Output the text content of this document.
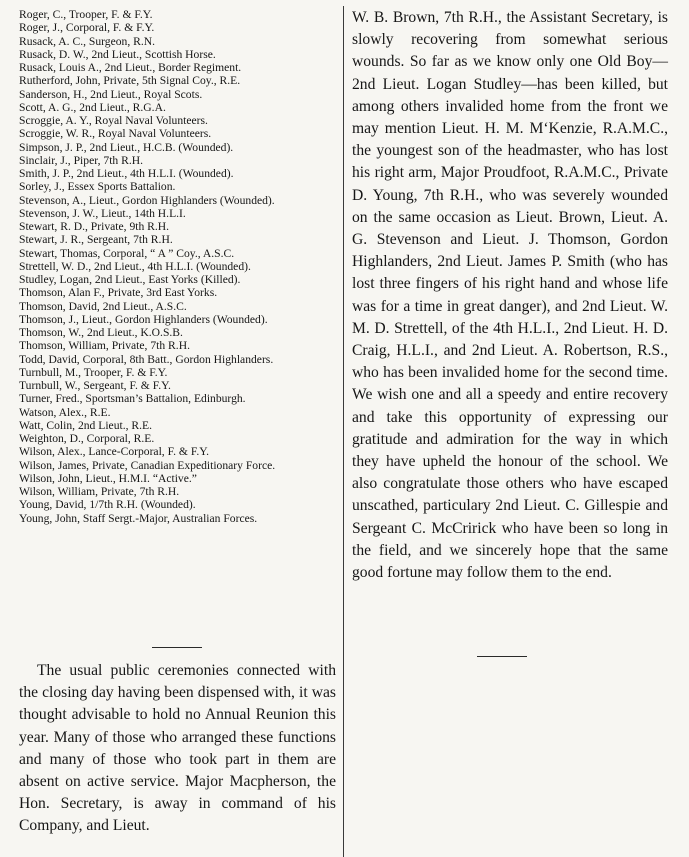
Roger, C., Trooper, F. & F.Y.
Roger, J., Corporal, F. & F.Y.
Rusack, A. C., Surgeon, R.N.
Rusack, D. W., 2nd Lieut., Scottish Horse.
Rusack, Louis A., 2nd Lieut., Border Regiment.
Rutherford, John, Private, 5th Signal Coy., R.E.
Sanderson, H., 2nd Lieut., Royal Scots.
Scott, A. G., 2nd Lieut., R.G.A.
Scroggie, A. Y., Royal Naval Volunteers.
Scroggie, W. R., Royal Naval Volunteers.
Simpson, J. P., 2nd Lieut., H.C.B. (Wounded).
Sinclair, J., Piper, 7th R.H.
Smith, J. P., 2nd Lieut., 4th H.L.I. (Wounded).
Sorley, J., Essex Sports Battalion.
Stevenson, A., Lieut., Gordon Highlanders (Wounded).
Stevenson, J. W., Lieut., 14th H.L.I.
Stewart, R. D., Private, 9th R.H.
Stewart, J. R., Sergeant, 7th R.H.
Stewart, Thomas, Corporal, “ A ” Coy., A.S.C.
Strettell, W. D., 2nd Lieut., 4th H.L.I. (Wounded).
Studley, Logan, 2nd Lieut., East Yorks (Killed).
Thomson, Alan F., Private, 3rd East Yorks.
Thomson, David, 2nd Lieut., A.S.C.
Thomson, J., Lieut., Gordon Highlanders (Wounded).
Thomson, W., 2nd Lieut., K.O.S.B.
Thomson, William, Private, 7th R.H.
Todd, David, Corporal, 8th Batt., Gordon Highlanders.
Turnbull, M., Trooper, F. & F.Y.
Turnbull, W., Sergeant, F. & F.Y.
Turner, Fred., Sportsman’s Battalion, Edinburgh.
Watson, Alex., R.E.
Watt, Colin, 2nd Lieut., R.E.
Weighton, D., Corporal, R.E.
Wilson, Alex., Lance-Corporal, F. & F.Y.
Wilson, James, Private, Canadian Expeditionary Force.
Wilson, John, Lieut., H.M.I. “Active.”
Wilson, William, Private, 7th R.H.
Young, David, 1/7th R.H. (Wounded).
Young, John, Staff Sergt.-Major, Australian Forces.

The usual public ceremonies connected with the closing day having been dispensed with, it was thought advisable to hold no Annual Reunion this year. Many of those who arranged these functions and many of those who took part in them are absent on active service. Major Macpherson, the Hon. Secretary, is away in command of his Company, and Lieut.

W. B. Brown, 7th R.H., the Assistant Secretary, is slowly recovering from somewhat serious wounds. So far as we know only one Old Boy—2nd Lieut. Logan Studley—has been killed, but among others invalided home from the front we may mention Lieut. H. M. M‘Kenzie, R.A.M.C., the youngest son of the headmaster, who has lost his right arm, Major Proudfoot, R.A.M.C., Private D. Young, 7th R.H., who was severely wounded on the same occasion as Lieut. Brown, Lieut. A. G. Stevenson and Lieut. J. Thomson, Gordon Highlanders, 2nd Lieut. James P. Smith (who has lost three fingers of his right hand and whose life was for a time in great danger), and 2nd Lieut. W. M. D. Strettell, of the 4th H.L.I., 2nd Lieut. H. D. Craig, H.L.I., and 2nd Lieut. A. Robertson, R.S., who has been invalided home for the second time. We wish one and all a speedy and entire recovery and take this opportunity of expressing our gratitude and admiration for the way in which they have upheld the honour of the school. We also congratulate those others who have escaped unscathed, particulary 2nd Lieut. C. Gillespie and Sergeant C. McCririck who have been so long in the field, and we sincerely hope that the same good fortune may follow them to the end.
